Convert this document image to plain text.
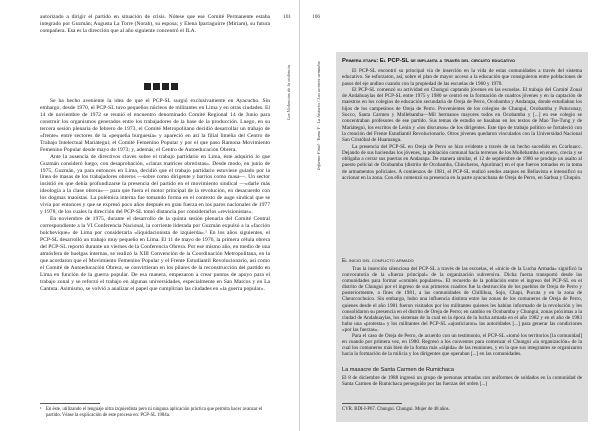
autorizado a dirigir el partido en situación de crisis. Nótese que ese Comité Permanente estaba integrado por Guzmán; Augusta La Torre (Norah), su esposa; y Elena Iparraguirre (Miriam), su futura compañera. Esa es la dirección que al año siguiente concentró el ILA.

Se ha hecho aveniente la idea de que el PCP-SL surgió exclusivamente en Ayacucho. Sin embargo, desde 1970, el PCP-SL tuvo pequeños núcleos de militantes en Lima y en otras ciudades. El 14 de noviembre de 1972 se reunió el encuentro denominado Comité Regional 14 de Junio para construir los organismos generados entre los trabajadores de la base de la producción. Luego, en su tercera sesión plenaria de febrero de 1973, el Comité Metropolitano decidió desarrollar un trabajo de «frente» entre sectores de la «pequeña burguesía» y apareció en así la filial limeña del Centro de Trabajo Intelectual Mariátegui; el Comité Femenino Popular y por el que paso Ramona Movimiento Femenino Popular desde mayo de 1973; y, además, el Centro de Autoeducación Obrera.

Ante la ausencia de directivos claves sobre el trabajo partidario en Lima, éste adquirió lo que Guzmán consideró luego, con desaprobación, «claras matrices obreristas». Desde modo, en junio de 1975, Guzmán, ya para entonces en Lima, decidió que el trabajo partidario estuviese guiado por la línea de masas de los trabajadores obreros —sobre como dirigente y barrios como masa—. Un sector insistió en que debía profundizarse la presencia del partido en el movimiento sindical —«darle más ideología a la clase obrera»— para que fuera el motor principal de la revolución, en desacuerdo con los dogmas maoístas. La polémica interna fue tomando forma en el contexto de auge sindical que se vivía por entonces y que se expresó poco años después en gran fuerza en los paros nacionales de 1977 y 1978, de los cuales la dirección del PCP-SL tomó distancia por considerarlos «revisionistas».

En noviembre de 1975, durante el desarrollo de la quinta sesión plenaria del Comité Central correspondiente a la VI Conferencia Nacional, la corriente liderada por Guzmán expulsó a la «facción bolchevique» de Lima por considerarla «liquidacionista de izquierda».¹ En los años siguientes, el PCP-SL desarrolló un trabajo muy pequeño en Lima. El 11 de mayo de 1976, la primera célula obrera del PCP-SL reportó durante un viernes de la Conferencia Obrera. Por ese mismo año, en medio de una atmósfera de huelgas internas, se realizó la XIII Convención de la Coordinación Metropolitana, en la que acordaron que el Movimiento Femenino Popular y el Frente Estudiantil Revolucionario, así como el Comité de Autoeducación Obrera, se convirtieran en los pilares de la reconstrucción del partido en Lima en función de la guerra popular. De esa manera, empezaron a crear puntos de apoyo para el trabajo zonal y se reforzó el trabajo en algunas universidades, especialmente en San Marcos y en La Cantuta. Asimismo, se volvió a analizar el papel que cumplirían las ciudades en «la guerra popular».

¹ En éste, utilizando el lenguaje ultra izquierdista pero ni ninguna aplicación práctica que permita hacer avanzar el partido. Véase la explicación de este proceso en: PCP-SL 1984a.
101	106
Las Violencias de la violencia	Informe Final · Tomo V · La historia / Los actores armados
Primera etapa: El PCP-SL se implanta a través del circuito educativo

El PCP-SL encontró su principal vía de inserción en la vida de estas comunidades a través del sistema educativo. Se esforzaron, así, sobre el plan de mayor acceso a la educación que consiguieron entre poblaciones de pasos del eje andino cuando con la propiedad de las escuelas de 1960 y 1970.

El PCP-SL comenzó su actividad en Chungui captando jóvenes en las escuelas. El trabajo del Comité Zonal de Andahuaylas del PCP-SL entre 1975 y 1980 se centró en la formación de cuadros jóvenes y en la captación de maestros en los colegios de educación secundaria de Oreja de Perro, Ocobamba y Andarapa, donde estudiaban los hijos de los campesinos de Oreja de Perro. Provenientes de los colegios de Chungui, Ocobamba y Putucunay, Socco, Santa Carmen y Mollebamba—Mil hermanos mayores todos en Ocobamba y [...] en ese colegio se concentraban profesores de ese partido. Sus temas de estudio se basaban en los textos de Mao Tse-Tung y de Mariátegui, los escritos de Lenin y «los discursos» de los dirigentes. Este tipo de trabajo político se fortaleció con la creación del Frente Estudiantil Revolucionario. Otros jóvenes quedaron vinculados con la Universidad Nacional San Cristóbal de Huamanga.

La presencia del PCP-SL en Oreja de Perro se hizo evidente a través de un hecho sucedido en Ccarhuacc. Dejando de sus haciendas los jóvenes, la población comunal hacia terrenos de los Mollebamba en enero, crecía y se obligaba a cerrar sus puertas en Andarapa. De manera similar, el 12 de septiembre de 1980 se produjo un asalto al puesto policial de Ocobamba (distrito de Ocobamba, Chincheros, Apurímac) en el que fueron tomados en la toma de armamentos policiales. A comienzos de 1981, el PCP-SL realizó sendos ataques en Bellavista e intensificó su accionar en la zona. Con ello comenzó su presencia en la parte ayacuchana de Oreja de Perro, en Sarhua y Chupón.

El inicio del conflicto armado

Tras la inserción silenciosa del PCP-SL a través de las escuelas, el «inicio de la Lucha Armada» significó la convocatoria de la «fuerza principal» de la organización subversiva. Dicha fuerza transportó desde las comunidades para formar «comités populares». El recuerdo de la población entre el ingreso del PCP-SL en el distrito de Chungui por el ingreso de sus primeros cuadros fue la destrucción de los pueblos de Oreja de Perro y posteriormente, a fines de 1981, a las comunidades de Chillihua, Sojo, Chapi, Pucuta y en la zona de Cheuccochuico. Sin embargo, hubo una influencia distinta entre las zonas de los comuneros de Oreja de Perro, quienes desde el año 1981 fueron visitados por los militantes quienes les habían informado de la revolución y les consolidaron su presencia en el distrito de Oreja de Perro; en cambio en Ocobamba y Chungui, zonas próximas a la ciudad de Andahuaylas, los sistemas de la cual en la época de la lucha armada en el año 1982 y en el año de 1983 hubo una «protesta» y los militantes del PCP-SL «ajusticiaron» las autoridades [...] para generar las condiciones «por las fuerzas».

Para el caso de Oreja de Perro, de acuerdo con un testimonio, el PCP-SL «tomó los territorios [la comunidad] en cuando por primera vez, en 1980. Regresó a los conventos para comenzar el Chungui «la organización» de la cual los comuneros más bien de la forma más «rápida» de las reuniones, y en la que sus integrantes se organizaron hacia la formación de la milicia y los dirigentes que operaban [...] en las comunidades.

La masacre de Santa Carmen de Rumichaca

El 8 de diciembre de 1988 ingresó un grupo de personas armadas con uniformes de soldados en la comunidad de Santa Carmen de Rumichaca perseguido por las fuerzas del orden [...]

CVR. BDI-I-P67. Chungui. Chungui. Mujer de 48 años.
